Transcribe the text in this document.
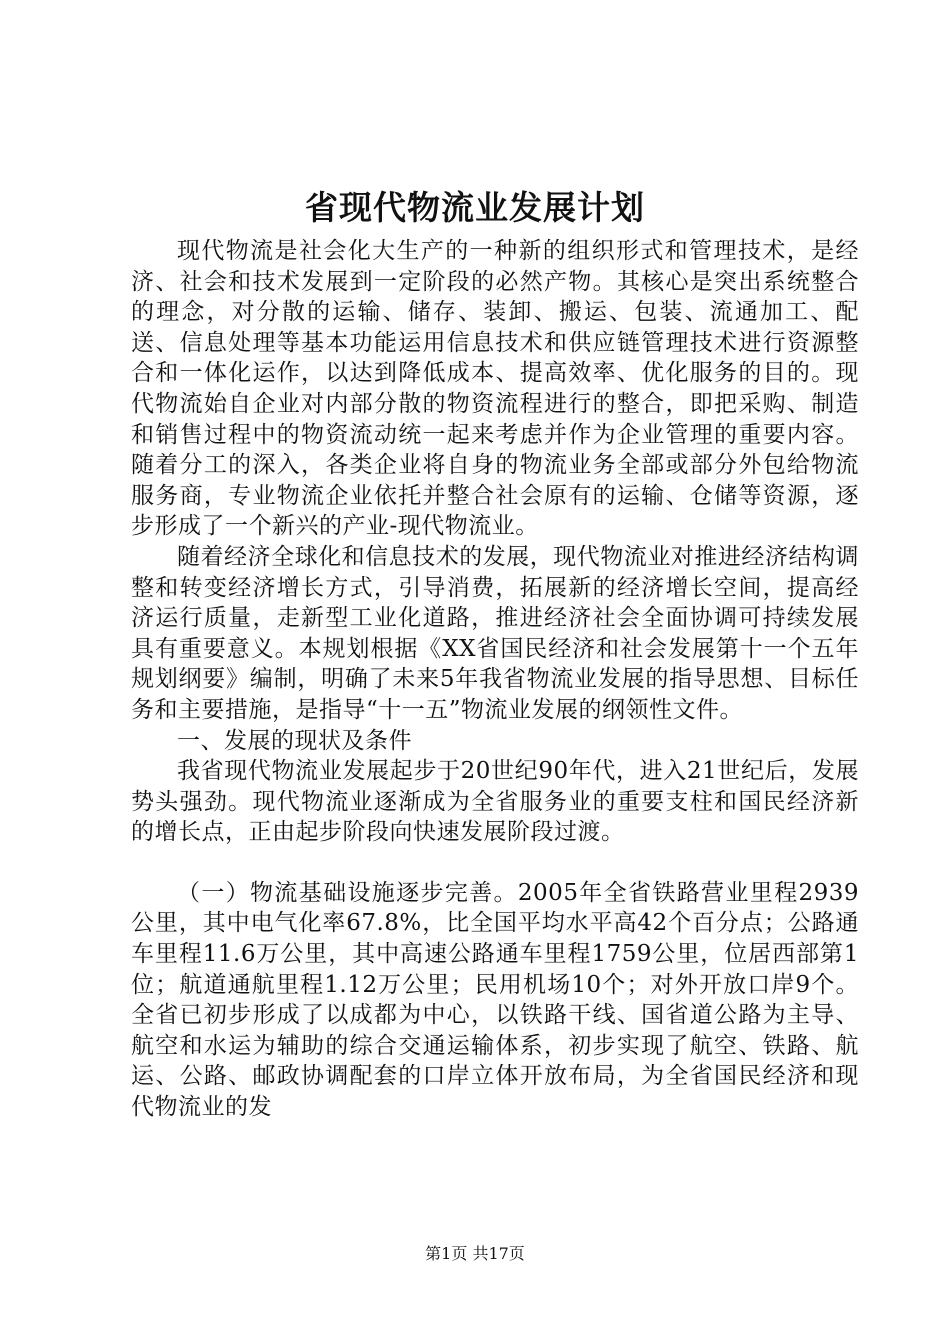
省现代物流业发展计划

现代物流是社会化大生产的一种新的组织形式和管理技术，是经济、社会和技术发展到一定阶段的必然产物。其核心是突出系统整合的理念，对分散的运输、储存、装卸、搬运、包装、流通加工、配送、信息处理等基本功能运用信息技术和供应链管理技术进行资源整合和一体化运作，以达到降低成本、提高效率、优化服务的目的。现代物流始自企业对内部分散的物资流程进行的整合，即把采购、制造和销售过程中的物资流动统一起来考虑并作为企业管理的重要内容。随着分工的深入，各类企业将自身的物流业务全部或部分外包给物流服务商，专业物流企业依托并整合社会原有的运输、仓储等资源，逐步形成了一个新兴的产业-现代物流业。

随着经济全球化和信息技术的发展，现代物流业对推进经济结构调整和转变经济增长方式，引导消费，拓展新的经济增长空间，提高经济运行质量，走新型工业化道路，推进经济社会全面协调可持续发展具有重要意义。本规划根据《XX省国民经济和社会发展第十一个五年规划纲要》编制，明确了未来5年我省物流业发展的指导思想、目标任务和主要措施，是指导“十一五”物流业发展的纲领性文件。

一、发展的现状及条件

我省现代物流业发展起步于20世纪90年代，进入21世纪后，发展势头强劲。现代物流业逐渐成为全省服务业的重要支柱和国民经济新的增长点，正由起步阶段向快速发展阶段过渡。

（一）物流基础设施逐步完善。2005年全省铁路营业里程2939公里，其中电气化率67.8%，比全国平均水平高42个百分点；公路通车里程11.6万公里，其中高速公路通车里程1759公里，位居西部第1位；航道通航里程1.12万公里；民用机场10个；对外开放口岸9个。全省已初步形成了以成都为中心，以铁路干线、国省道公路为主导、航空和水运为辅助的综合交通运输体系，初步实现了航空、铁路、航运、公路、邮政协调配套的口岸立体开放布局，为全省国民经济和现代物流业的发

第1页 共17页
